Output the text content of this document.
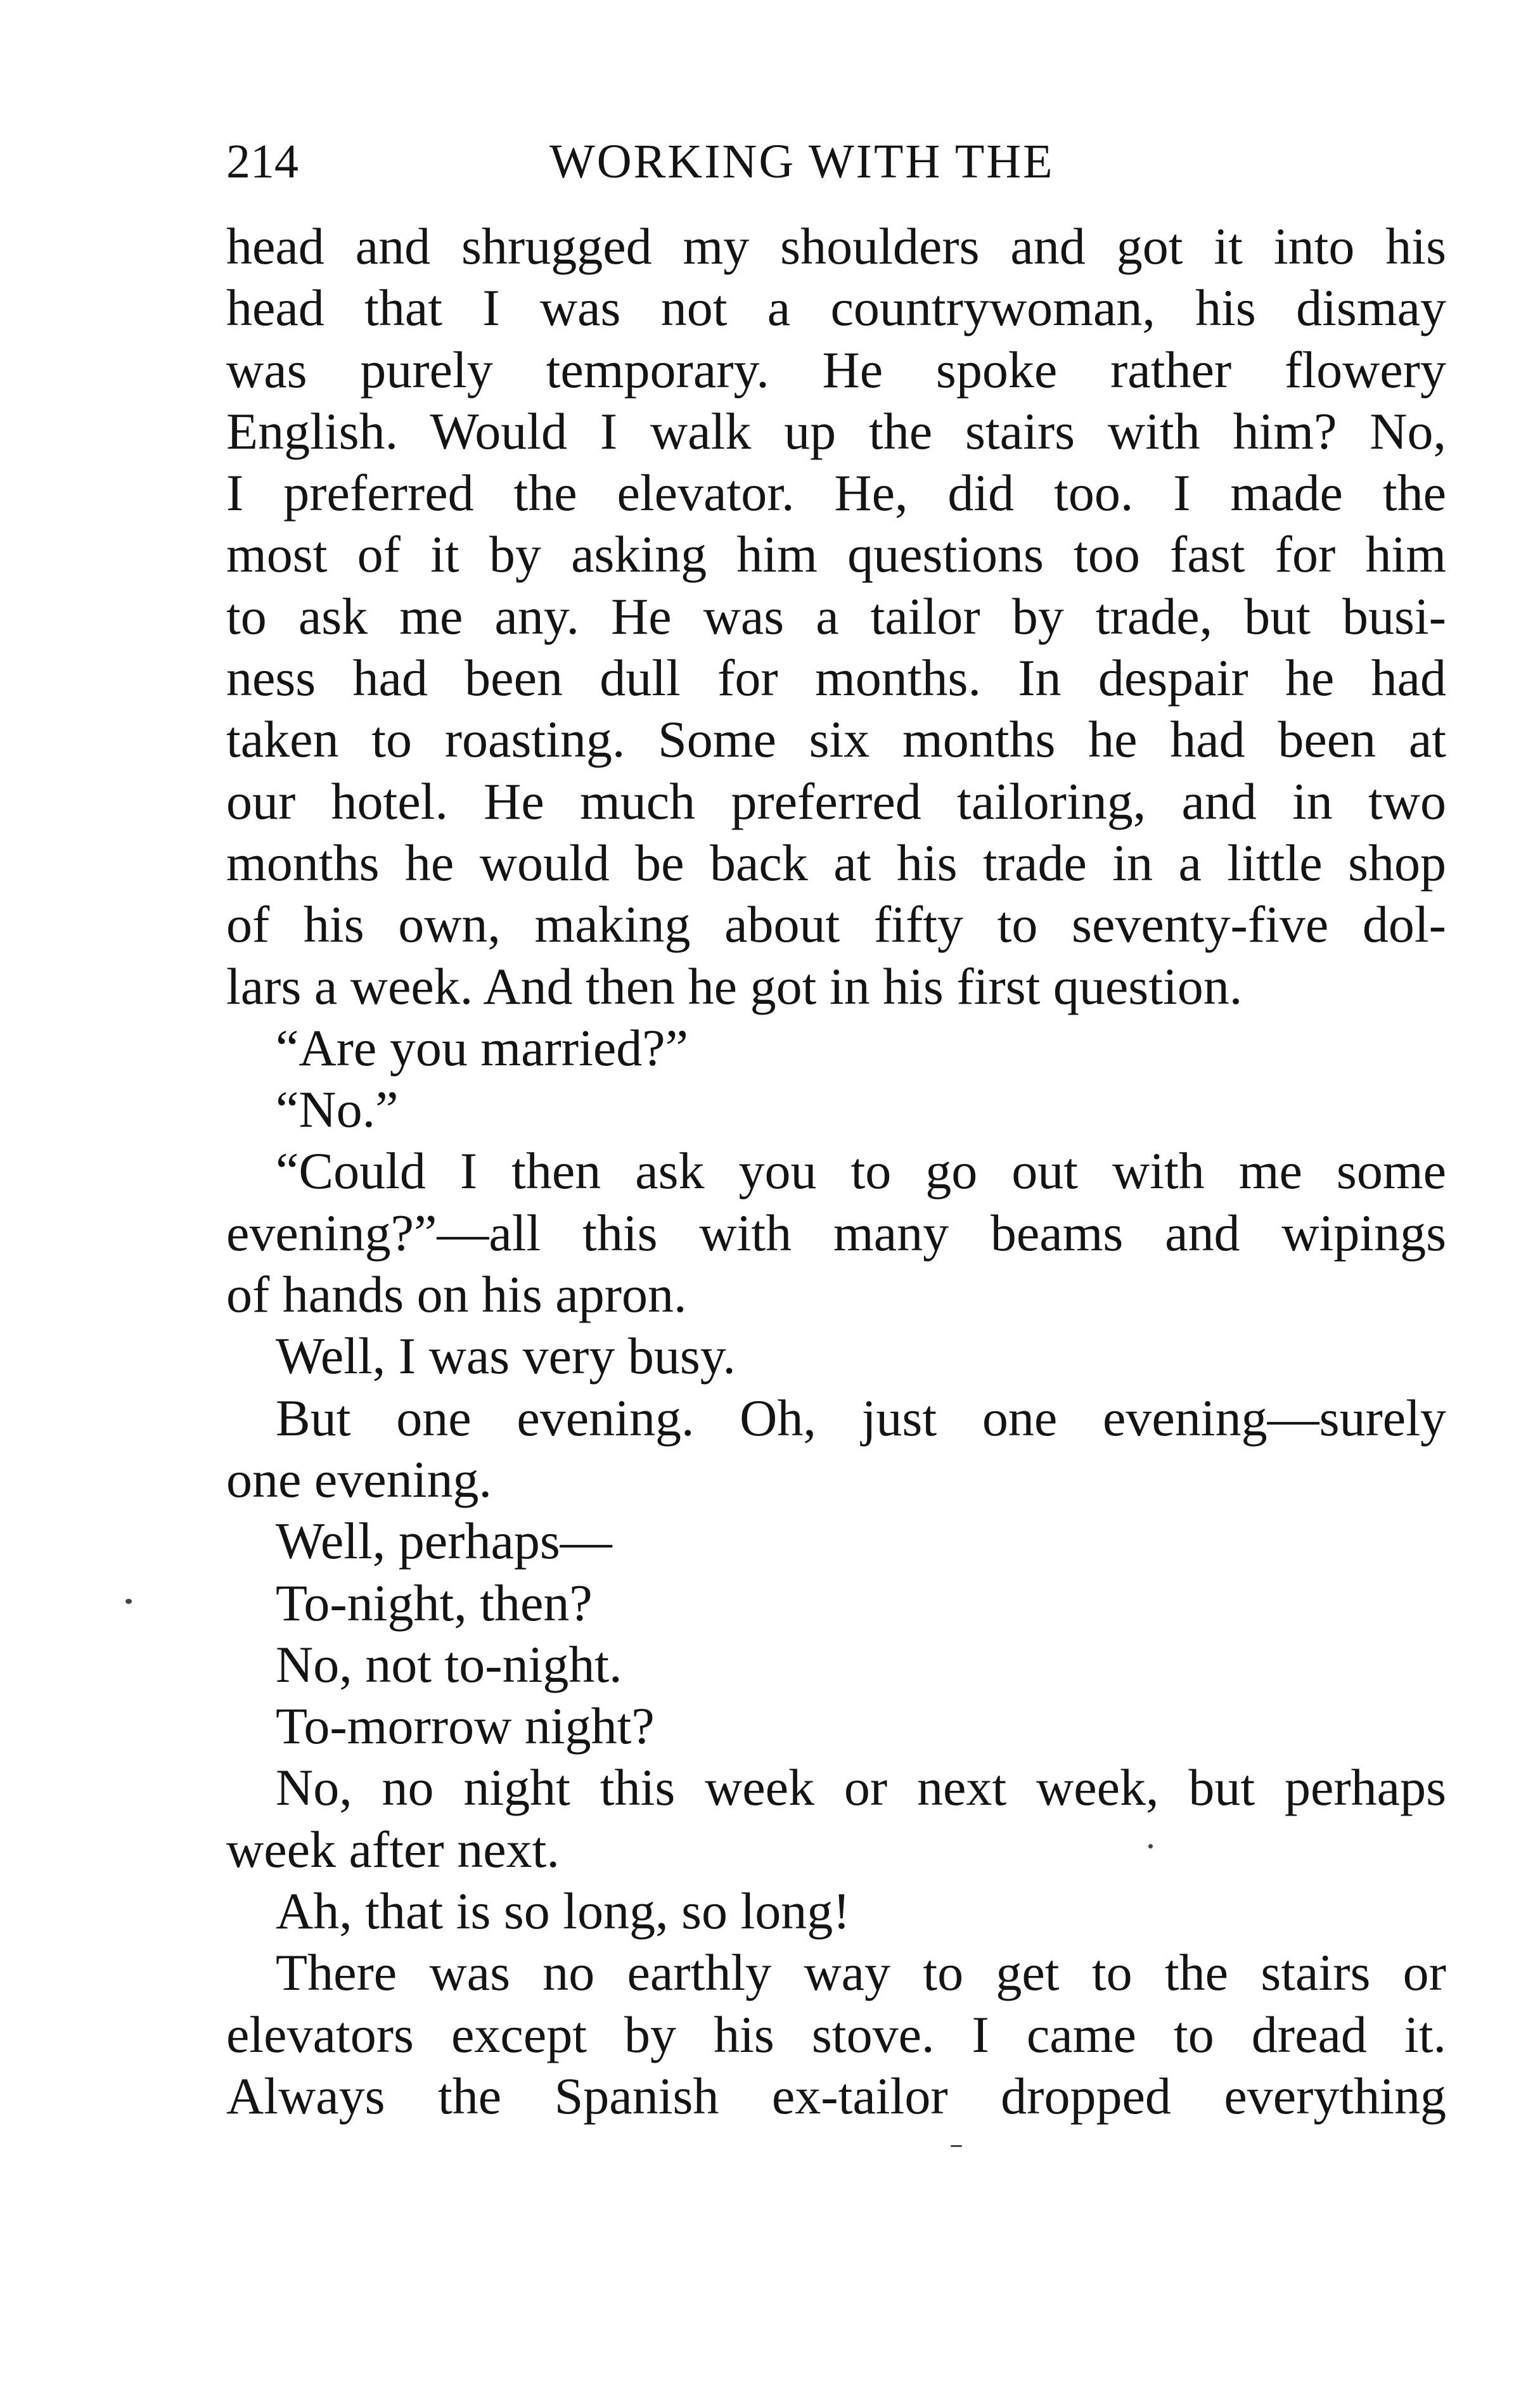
214	WORKING WITH THE
head and shrugged my shoulders and got it into his
head that I was not a countrywoman, his dismay
was purely temporary. He spoke rather flowery
English. Would I walk up the stairs with him? No,
I preferred the elevator. He, did too. I made the
most of it by asking him questions too fast for him
to ask me any. He was a tailor by trade, but busi-
ness had been dull for months. In despair he had
taken to roasting. Some six months he had been at
our hotel. He much preferred tailoring, and in two
months he would be back at his trade in a little shop
of his own, making about fifty to seventy-five dol-
lars a week. And then he got in his first question.
“Are you married?”
“No.”
“Could I then ask you to go out with me some
evening?”—all this with many beams and wipings
of hands on his apron.
Well, I was very busy.
But one evening. Oh, just one evening—surely
one evening.
Well, perhaps—
To-night, then?
No, not to-night.
To-morrow night?
No, no night this week or next week, but perhaps
week after next.
Ah, that is so long, so long!
There was no earthly way to get to the stairs or
elevators except by his stove. I came to dread it.
Always the Spanish ex-tailor dropped everything
